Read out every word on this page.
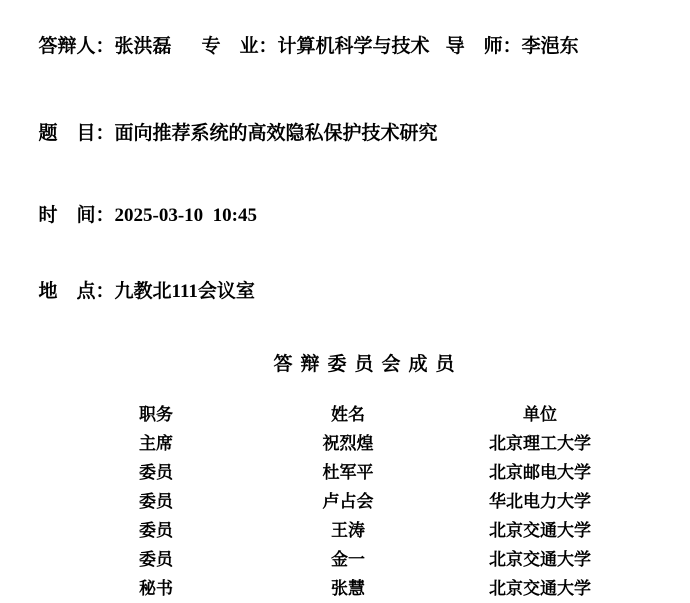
答辩人：张洪磊 专　业：计算机科学与技术 导　师：李浥东

题　目：面向推荐系统的高效隐私保护技术研究

时　间：2025-03-10  10:45

地　点：九教北111会议室

答辩委员会成员
职务	姓名	单位
主席	祝烈煌	北京理工大学
委员	杜军平	北京邮电大学
委员	卢占会	华北电力大学
委员	王涛	北京交通大学
委员	金一	北京交通大学
秘书	张慧	北京交通大学
